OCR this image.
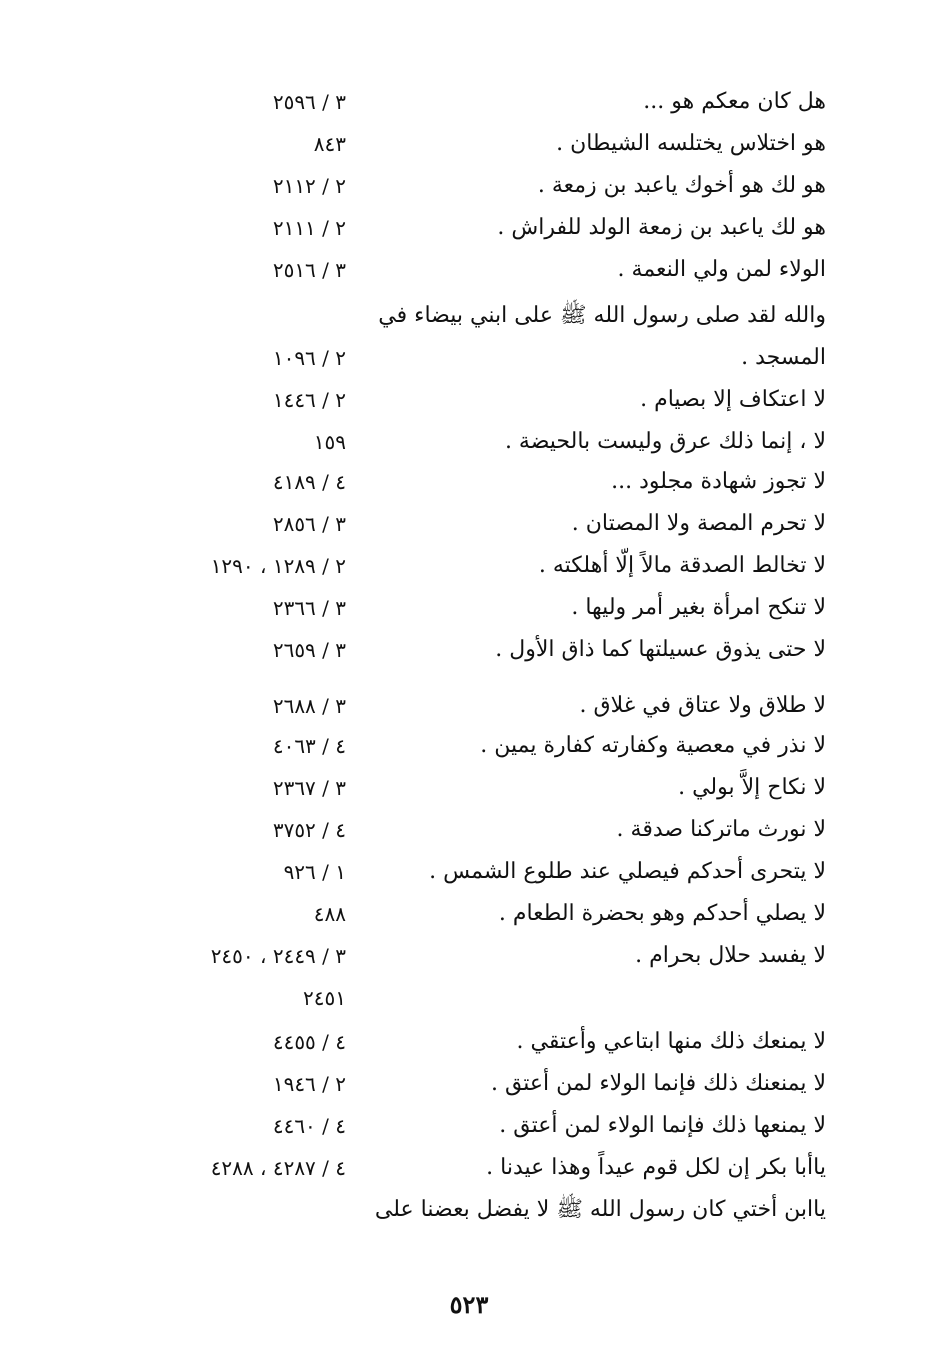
هل كان معكم هو ...
٣ / ٢٥٩٦
هو اختلاس يختلسه الشيطان .
٨٤٣
هو لك هو أخوك ياعبد بن زمعة .
٢ / ٢١١٢
هو لك ياعبد بن زمعة الولد للفراش .
٢ / ٢١١١
الولاء لمن ولي النعمة .
٣ / ٢٥١٦
والله لقد صلى رسول الله ﷺ على ابني بيضاء في
المسجد .
٢ / ١٠٩٦
لا اعتكاف إلا بصيام .
٢ / ١٤٤٦
لا ، إنما ذلك عرق وليست بالحيضة .
١٥٩
لا تجوز شهادة مجلود ...
٤ / ٤١٨٩
لا تحرم المصة ولا المصتان .
٣ / ٢٨٥٦
لا تخالط الصدقة مالاً إلّا أهلكته .
٢ / ١٢٨٩ ، ١٢٩٠
لا تنكح امرأة بغير أمر وليها .
٣ / ٢٣٦٦
لا حتى يذوق عسيلتها كما ذاق الأول .
٣ / ٢٦٥٩
لا طلاق ولا عتاق في غلاق .
٣ / ٢٦٨٨
لا نذر في معصية وكفارته كفارة يمين .
٤ / ٤٠٦٣
لا نكاح إلاَّ بولي .
٣ / ٢٣٦٧
لا نورث ماتركنا صدقة .
٤ / ٣٧٥٢
لا يتحرى أحدكم فيصلي عند طلوع الشمس .
١ / ٩٢٦
لا يصلي أحدكم وهو بحضرة الطعام .
٤٨٨
لا يفسد حلال بحرام .
٣ / ٢٤٤٩ ، ٢٤٥٠
٢٤٥١
لا يمنعك ذلك منها ابتاعي وأعتقي .
٤ / ٤٤٥٥
لا يمنعنك ذلك فإنما الولاء لمن أعتق .
٢ / ١٩٤٦
لا يمنعها ذلك فإنما الولاء لمن أعتق .
٤ / ٤٤٦٠
ياأبا بكر إن لكل قوم عيداً وهذا عيدنا .
٤ / ٤٢٨٧ ، ٤٢٨٨
ياابن أختي كان رسول الله ﷺ لا يفضل بعضنا على
٥٢٣
